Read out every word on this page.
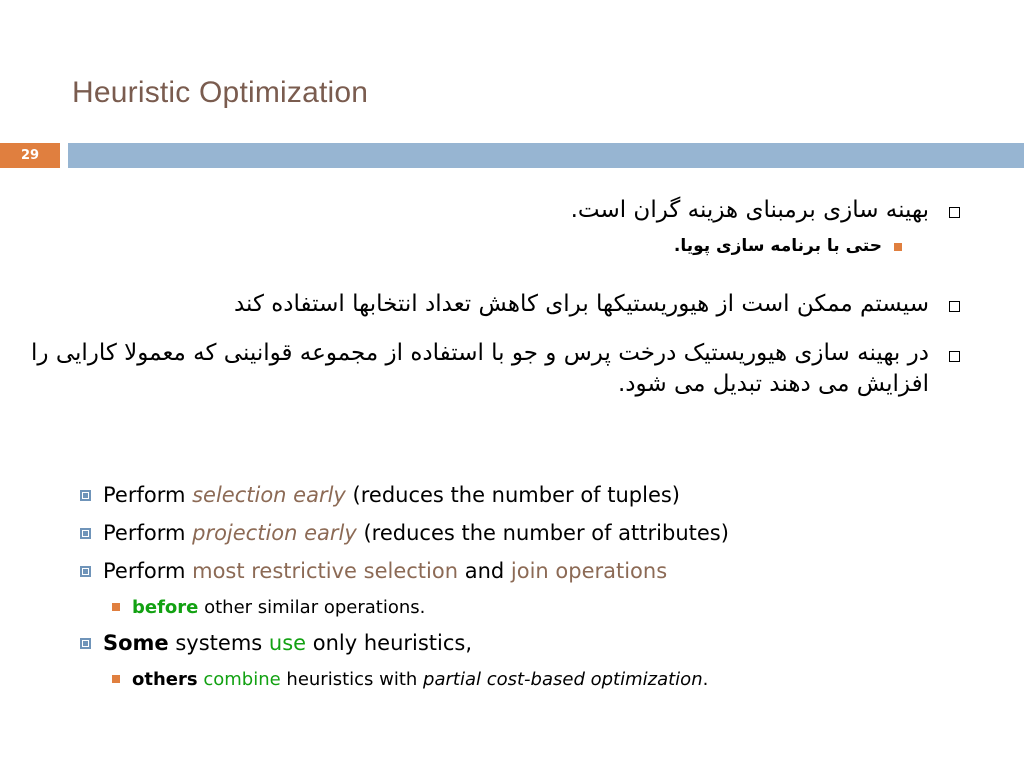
Heuristic Optimization
29
بهینه سازی برمبنای هزینه گران است.
حتی با برنامه سازی پویا.
سیستم ممکن است از هیوریستیکها برای کاهش تعداد انتخابها استفاده کند
در بهینه سازی هیوریستیک درخت پرس و جو با استفاده از مجموعه قوانینی که معمولا کارایی را افزایش می دهند تبدیل می شود.
Perform selection early (reduces the number of tuples)
Perform projection early (reduces the number of attributes)
Perform most restrictive selection and join operations
before other similar operations.
Some systems use only heuristics,
others
combine heuristics with partial cost-based optimization .
